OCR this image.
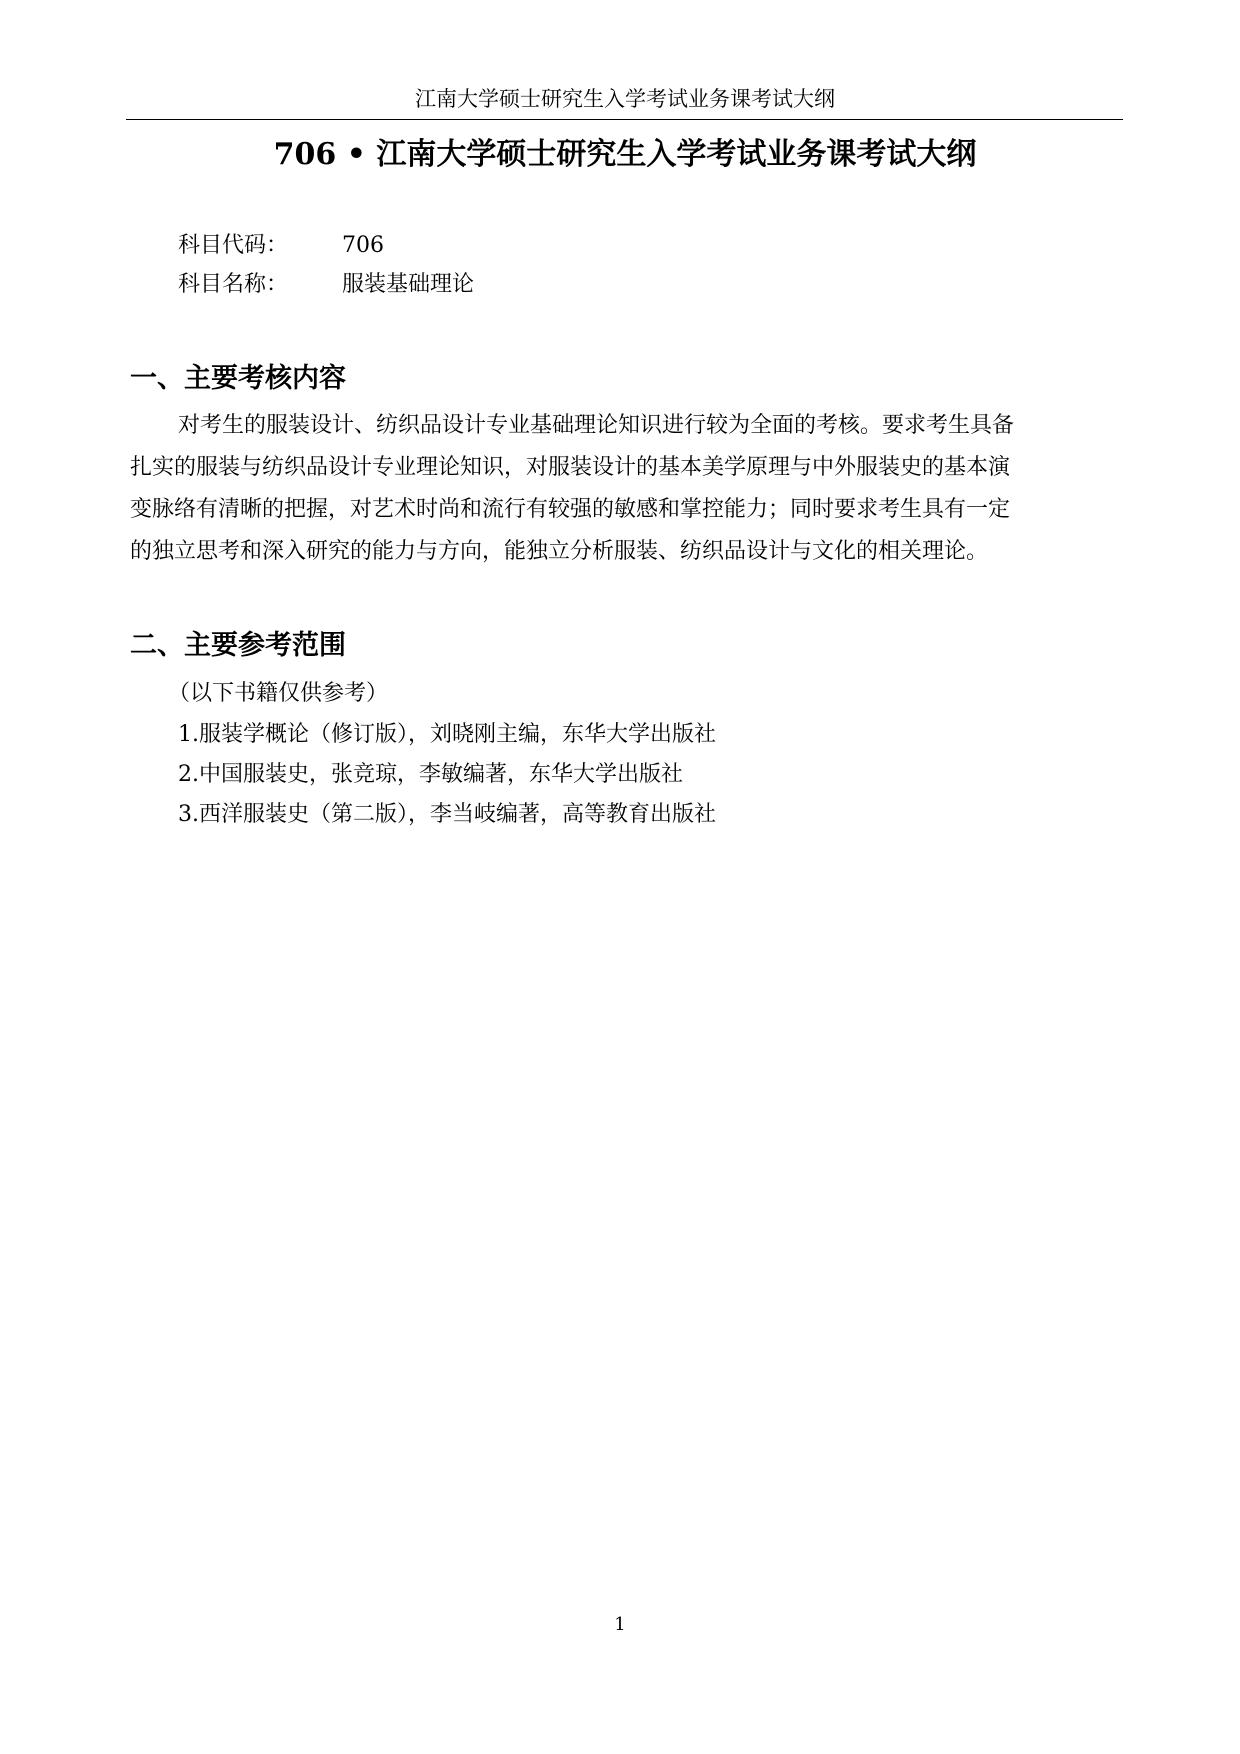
江南大学硕士研究生入学考试业务课考试大纲
706 • 江南大学硕士研究生入学考试业务课考试大纲
科目代码： 706
科目名称： 服装基础理论
一、主要考核内容
对考生的服装设计、纺织品设计专业基础理论知识进行较为全面的考核。要求考生具备
扎实的服装与纺织品设计专业理论知识，对服装设计的基本美学原理与中外服装史的基本演
变脉络有清晰的把握，对艺术时尚和流行有较强的敏感和掌控能力；同时要求考生具有一定
的独立思考和深入研究的能力与方向，能独立分析服装、纺织品设计与文化的相关理论。
二、主要参考范围
（以下书籍仅供参考）
1.服装学概论（修订版），刘晓刚主编，东华大学出版社
2.中国服装史，张竞琼，李敏编著，东华大学出版社
3.西洋服装史（第二版），李当岐编著，高等教育出版社
1
